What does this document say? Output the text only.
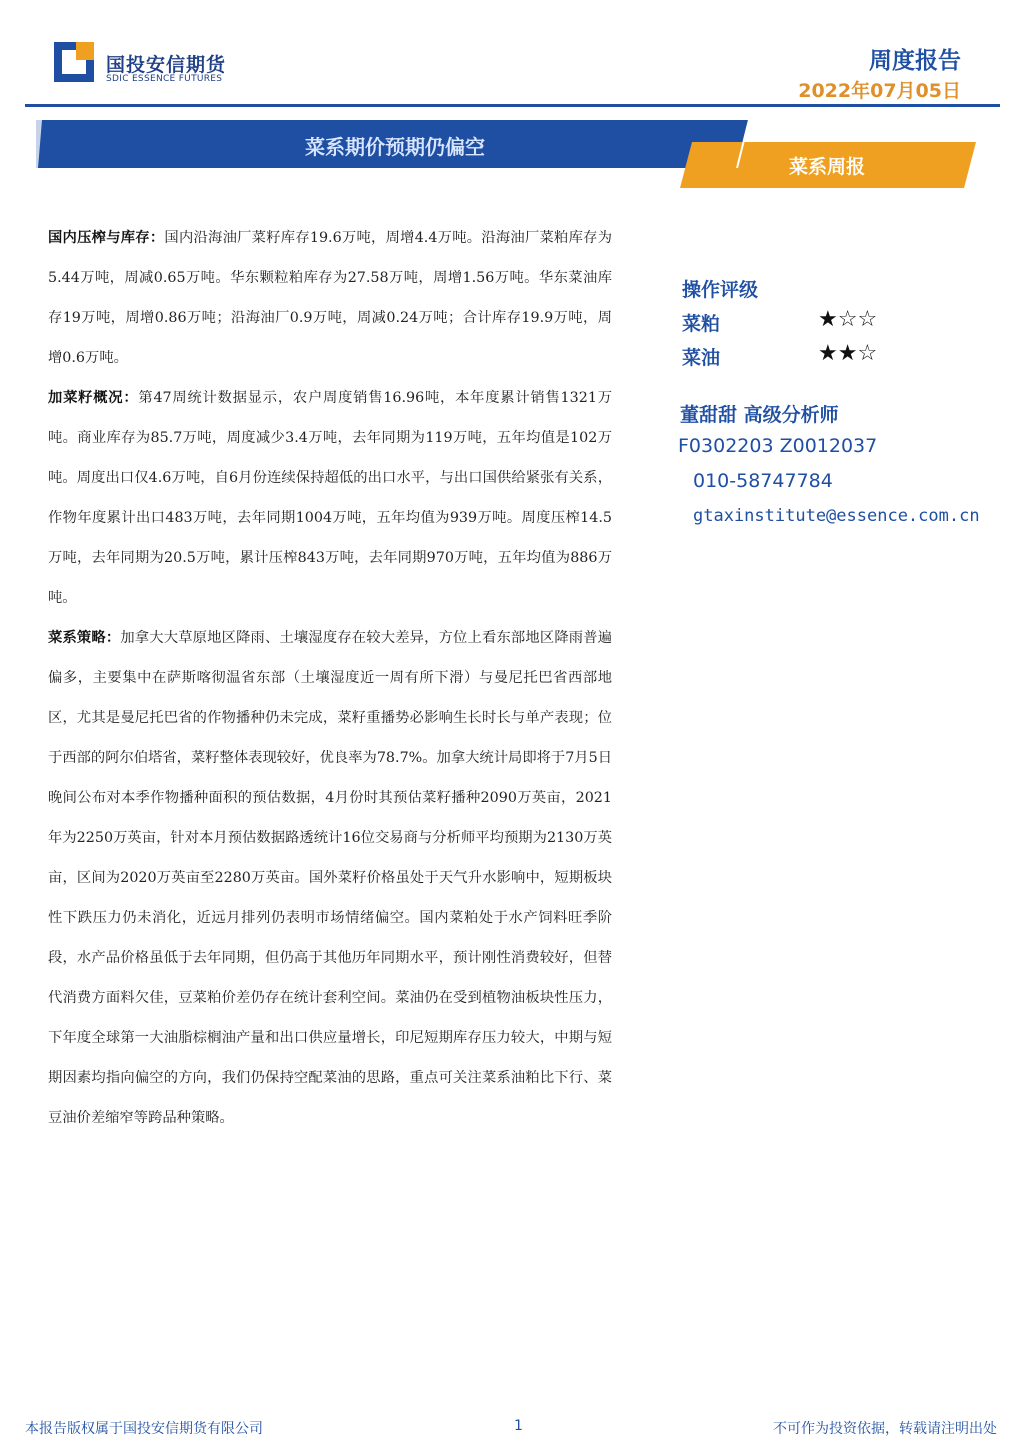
国投安信期货
SDIC ESSENCE FUTURES
周度报告
2022年07月05日
菜系期价预期仍偏空
菜系周报

国内压榨与库存：国内沿海油厂菜籽库存19.6万吨，周增4.4万吨。沿海油厂菜粕库存为5.44万吨，周减0.65万吨。华东颗粒粕库存为27.58万吨，周增1.56万吨。华东菜油库存19万吨，周增0.86万吨；沿海油厂0.9万吨，周减0.24万吨；合计库存19.9万吨，周增0.6万吨。

加菜籽概况：第47周统计数据显示，农户周度销售16.96吨，本年度累计销售1321万吨。商业库存为85.7万吨，周度减少3.4万吨，去年同期为119万吨，五年均值是102万吨。周度出口仅4.6万吨，自6月份连续保持超低的出口水平，与出口国供给紧张有关系，作物年度累计出口483万吨，去年同期1004万吨，五年均值为939万吨。周度压榨14.5万吨，去年同期为20.5万吨，累计压榨843万吨，去年同期970万吨，五年均值为886万吨。

菜系策略：加拿大大草原地区降雨、土壤湿度存在较大差异，方位上看东部地区降雨普遍偏多，主要集中在萨斯喀彻温省东部（土壤湿度近一周有所下滑）与曼尼托巴省西部地区，尤其是曼尼托巴省的作物播种仍未完成，菜籽重播势必影响生长时长与单产表现；位于西部的阿尔伯塔省，菜籽整体表现较好，优良率为78.7%。加拿大统计局即将于7月5日晚间公布对本季作物播种面积的预估数据，4月份时其预估菜籽播种2090万英亩，2021年为2250万英亩，针对本月预估数据路透统计16位交易商与分析师平均预期为2130万英亩，区间为2020万英亩至2280万英亩。国外菜籽价格虽处于天气升水影响中，短期板块性下跌压力仍未消化，近远月排列仍表明市场情绪偏空。国内菜粕处于水产饲料旺季阶段，水产品价格虽低于去年同期，但仍高于其他历年同期水平，预计刚性消费较好，但替代消费方面料欠佳，豆菜粕价差仍存在统计套利空间。菜油仍在受到植物油板块性压力，下年度全球第一大油脂棕榈油产量和出口供应量增长，印尼短期库存压力较大，中期与短期因素均指向偏空的方向，我们仍保持空配菜油的思路，重点可关注菜系油粕比下行、菜豆油价差缩窄等跨品种策略。

操作评级
菜粕	★☆☆
菜油	★★☆
董甜甜 高级分析师
F0302203 Z0012037
010-58747784
gtaxinstitute@essence.com.cn
本报告版权属于国投安信期货有限公司	1	不可作为投资依据，转载请注明出处
